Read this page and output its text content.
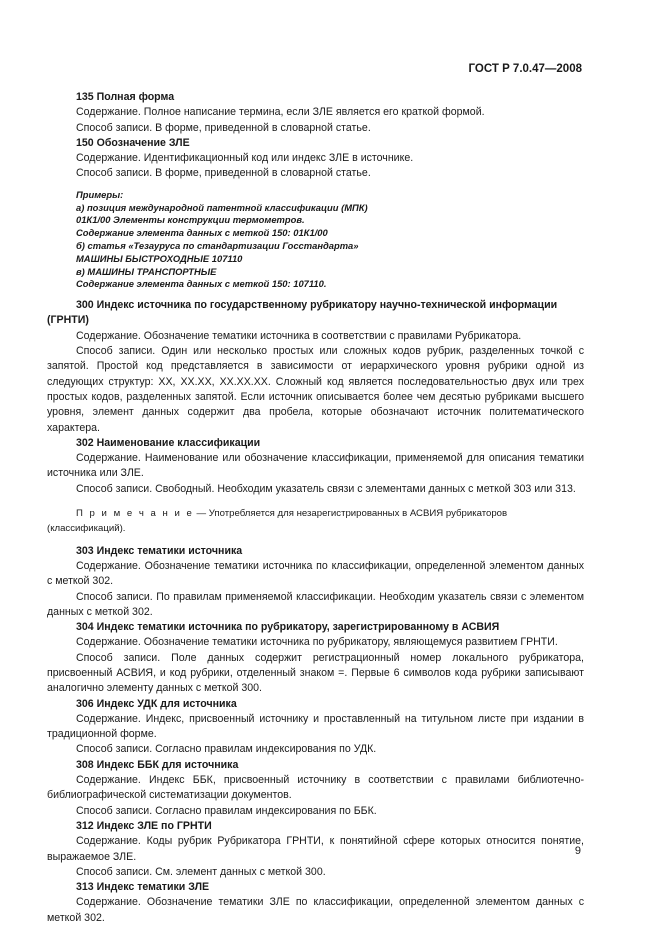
ГОСТ Р 7.0.47—2008

135 Полная форма

Содержание. Полное написание термина, если ЗЛЕ является его краткой формой.

Способ записи. В форме, приведенной в словарной статье.

150 Обозначение ЗЛЕ

Содержание. Идентификационный код или индекс ЗЛЕ в источнике.

Способ записи. В форме, приведенной в словарной статье.

Примеры:

а) позиция международной патентной классификации (МПК)

01К1/00 Элементы конструкции термометров.

Содержание элемента данных с меткой 150: 01К1/00

б) статья «Тезауруса по стандартизации Госстандарта»

МАШИНЫ БЫСТРОХОДНЫЕ 107110

в) МАШИНЫ ТРАНСПОРТНЫЕ

Содержание элемента данных с меткой 150: 107110.

300 Индекс источника по государственному рубрикатору научно-технической информации (ГРНТИ)

Содержание. Обозначение тематики источника в соответствии с правилами Рубрикатора.

Способ записи. Один или несколько простых или сложных кодов рубрик, разделенных точкой с запятой. Простой код представляется в зависимости от иерархического уровня рубрики одной из следующих структур: ХХ, ХХ.ХХ, ХХ.ХХ.ХХ. Сложный код является последовательностью двух или трех простых кодов, разделенных запятой. Если источник описывается более чем десятью рубриками высшего уровня, элемент данных содержит два пробела, которые обозначают источник политематического характера.

302 Наименование классификации

Содержание. Наименование или обозначение классификации, применяемой для описания тематики источника или ЗЛЕ.

Способ записи. Свободный. Необходим указатель связи с элементами данных с меткой 303 или 313.

П р и м е ч а н и е — Употребляется для незарегистрированных в АСВИЯ рубрикаторов (классификаций).

303 Индекс тематики источника

Содержание. Обозначение тематики источника по классификации, определенной элементом данных с меткой 302.

Способ записи. По правилам применяемой классификации. Необходим указатель связи с элементом данных с меткой 302.

304 Индекс тематики источника по рубрикатору, зарегистрированному в АСВИЯ

Содержание. Обозначение тематики источника по рубрикатору, являющемуся развитием ГРНТИ.

Способ записи. Поле данных содержит регистрационный номер локального рубрикатора, присвоенный АСВИЯ, и код рубрики, отделенный знаком =. Первые 6 символов кода рубрики записывают аналогично элементу данных с меткой 300.

306 Индекс УДК для источника

Содержание. Индекс, присвоенный источнику и проставленный на титульном листе при издании в традиционной форме.

Способ записи. Согласно правилам индексирования по УДК.

308 Индекс ББК для источника

Содержание. Индекс ББК, присвоенный источнику в соответствии с правилами библиотечно-библиографической систематизации документов.

Способ записи. Согласно правилам индексирования по ББК.

312 Индекс ЗЛЕ по ГРНТИ

Содержание. Коды рубрик Рубрикатора ГРНТИ, к понятийной сфере которых относится понятие, выражаемое ЗЛЕ.

Способ записи. См. элемент данных с меткой 300.

313 Индекс тематики ЗЛЕ

Содержание. Обозначение тематики ЗЛЕ по классификации, определенной элементом данных с меткой 302.

9
